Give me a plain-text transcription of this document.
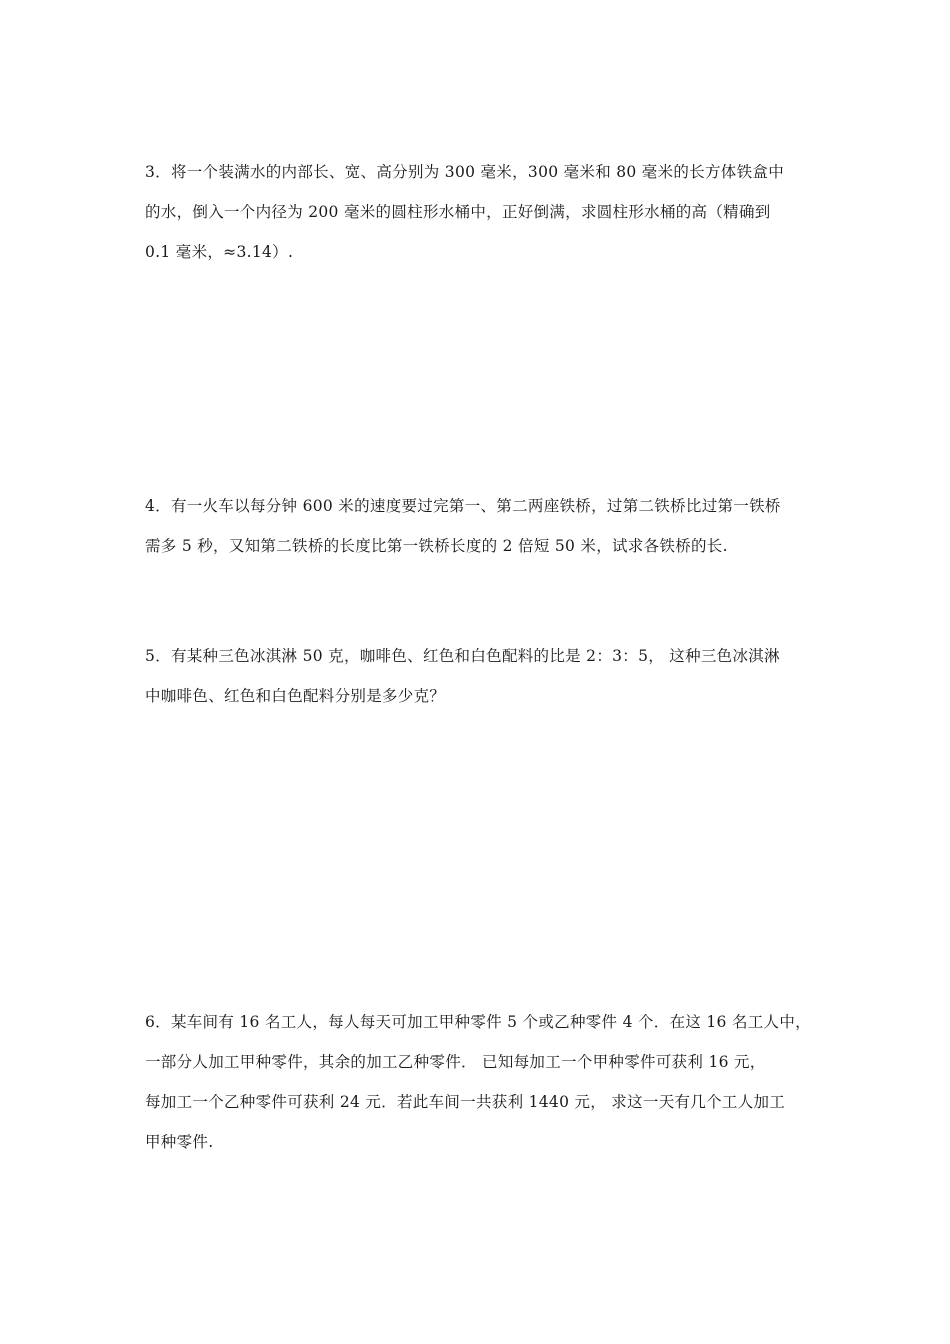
3．将一个装满水的内部长、宽、高分别为 300 毫米，300 毫米和 80 毫米的长方体铁盒中
的水，倒入一个内径为 200 毫米的圆柱形水桶中，正好倒满，求圆柱形水桶的高（精确到
0.1 毫米，≈3.14）.
4．有一火车以每分钟 600 米的速度要过完第一、第二两座铁桥，过第二铁桥比过第一铁桥
需多 5 秒，又知第二铁桥的长度比第一铁桥长度的 2 倍短 50 米，试求各铁桥的长.
5．有某种三色冰淇淋 50 克，咖啡色、红色和白色配料的比是 2：3：5， 这种三色冰淇淋
中咖啡色、红色和白色配料分别是多少克？
6．某车间有 16 名工人，每人每天可加工甲种零件 5 个或乙种零件 4 个．在这 16 名工人中，
一部分人加工甲种零件，其余的加工乙种零件． 已知每加工一个甲种零件可获利 16 元，
每加工一个乙种零件可获利 24 元．若此车间一共获利 1440 元， 求这一天有几个工人加工
甲种零件.
